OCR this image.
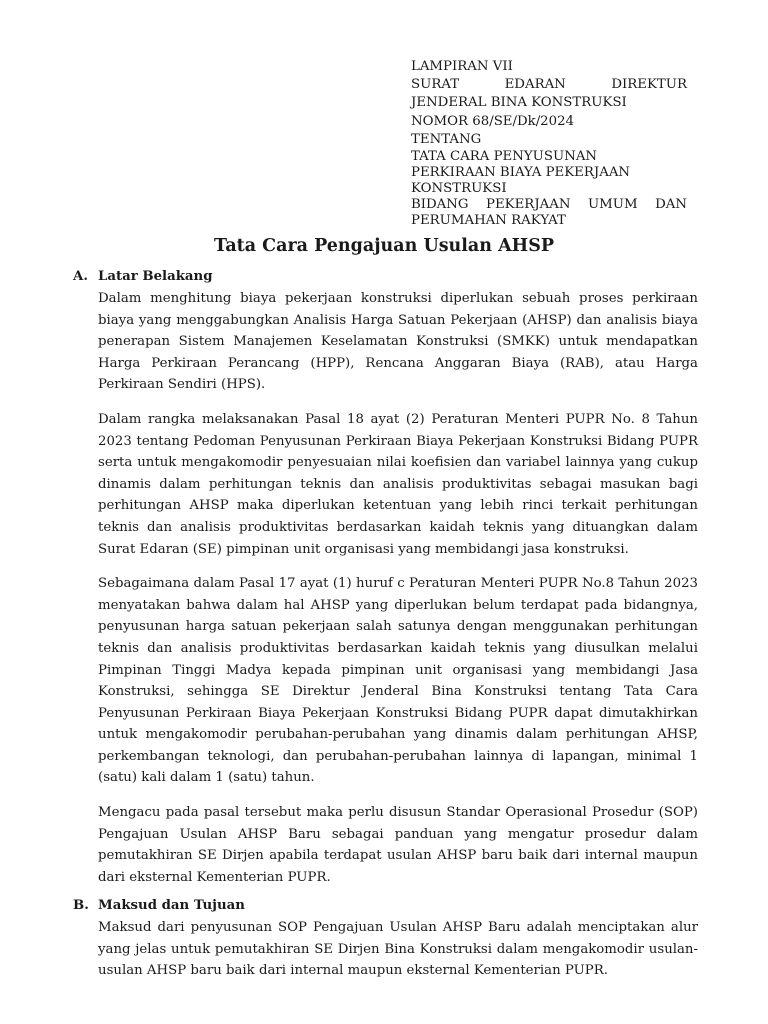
LAMPIRAN VII
SURAT	EDARAN	DIREKTUR
JENDERAL BINA KONSTRUKSI
NOMOR 68/SE/Dk/2024
TENTANG
TATA CARA PENYUSUNAN
PERKIRAAN BIAYA PEKERJAAN
KONSTRUKSI
BIDANG PEKERJAAN UMUM DAN
PERUMAHAN RAKYAT
Tata Cara Pengajuan Usulan AHSP
A. Latar Belakang

Dalam menghitung biaya pekerjaan konstruksi diperlukan sebuah proses perkiraan biaya yang menggabungkan Analisis Harga Satuan Pekerjaan (AHSP) dan analisis biaya penerapan Sistem Manajemen Keselamatan Konstruksi (SMKK) untuk mendapatkan Harga Perkiraan Perancang (HPP), Rencana Anggaran Biaya (RAB), atau Harga Perkiraan Sendiri (HPS).

Dalam rangka melaksanakan Pasal 18 ayat (2) Peraturan Menteri PUPR No. 8 Tahun 2023 tentang Pedoman Penyusunan Perkiraan Biaya Pekerjaan Konstruksi Bidang PUPR serta untuk mengakomodir penyesuaian nilai koefisien dan variabel lainnya yang cukup dinamis dalam perhitungan teknis dan analisis produktivitas sebagai masukan bagi perhitungan AHSP maka diperlukan ketentuan yang lebih rinci terkait perhitungan teknis dan analisis produktivitas berdasarkan kaidah teknis yang dituangkan dalam Surat Edaran (SE) pimpinan unit organisasi yang membidangi jasa konstruksi.

Sebagaimana dalam Pasal 17 ayat (1) huruf c Peraturan Menteri PUPR No.8 Tahun 2023 menyatakan bahwa dalam hal AHSP yang diperlukan belum terdapat pada bidangnya, penyusunan harga satuan pekerjaan salah satunya dengan menggunakan perhitungan teknis dan analisis produktivitas berdasarkan kaidah teknis yang diusulkan melalui Pimpinan Tinggi Madya kepada pimpinan unit organisasi yang membidangi Jasa Konstruksi, sehingga SE Direktur Jenderal Bina Konstruksi tentang Tata Cara Penyusunan Perkiraan Biaya Pekerjaan Konstruksi Bidang PUPR dapat dimutakhirkan untuk mengakomodir perubahan-perubahan yang dinamis dalam perhitungan AHSP, perkembangan teknologi, dan perubahan-perubahan lainnya di lapangan, minimal 1 (satu) kali dalam 1 (satu) tahun.

Mengacu pada pasal tersebut maka perlu disusun Standar Operasional Prosedur (SOP) Pengajuan Usulan AHSP Baru sebagai panduan yang mengatur prosedur dalam pemutakhiran SE Dirjen apabila terdapat usulan AHSP baru baik dari internal maupun dari eksternal Kementerian PUPR.

B. Maksud dan Tujuan

Maksud dari penyusunan SOP Pengajuan Usulan AHSP Baru adalah menciptakan alur yang jelas untuk pemutakhiran SE Dirjen Bina Konstruksi dalam mengakomodir usulan-usulan AHSP baru baik dari internal maupun eksternal Kementerian PUPR.
